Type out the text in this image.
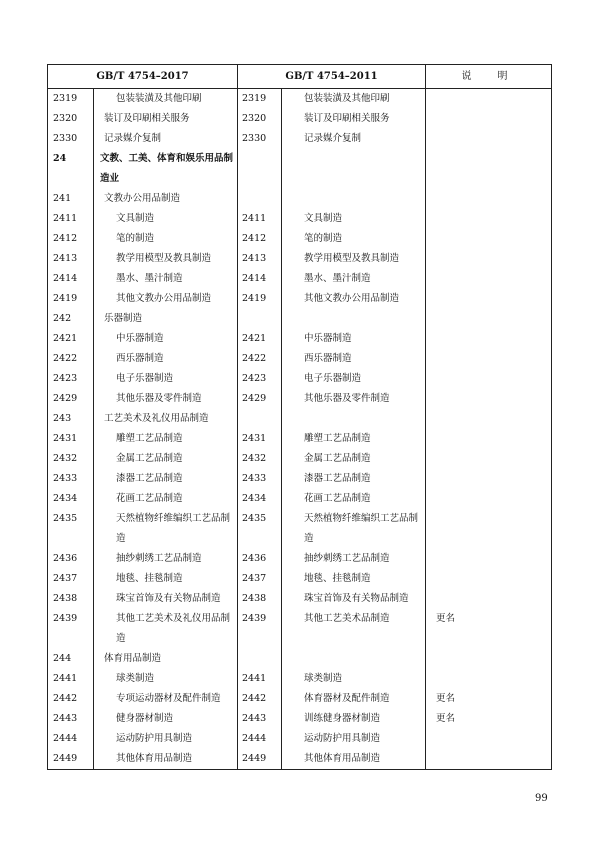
GB/T 4754–2017		GB/T 4754–2011		说　明
2319	包装装潢及其他印刷	2319	包装装潢及其他印刷	
2320	装订及印刷相关服务	2320	装订及印刷相关服务	
2330	记录媒介复制	2330	记录媒介复制	
24	文教、工美、体育和娱乐用品制造业			
241	文教办公用品制造			
2411	文具制造	2411	文具制造	
2412	笔的制造	2412	笔的制造	
2413	教学用模型及教具制造	2413	教学用模型及教具制造	
2414	墨水、墨汁制造	2414	墨水、墨汁制造	
2419	其他文教办公用品制造	2419	其他文教办公用品制造	
242	乐器制造			
2421	中乐器制造	2421	中乐器制造	
2422	西乐器制造	2422	西乐器制造	
2423	电子乐器制造	2423	电子乐器制造	
2429	其他乐器及零件制造	2429	其他乐器及零件制造	
243	工艺美术及礼仪用品制造			
2431	雕塑工艺品制造	2431	雕塑工艺品制造	
2432	金属工艺品制造	2432	金属工艺品制造	
2433	漆器工艺品制造	2433	漆器工艺品制造	
2434	花画工艺品制造	2434	花画工艺品制造	
2435	天然植物纤维编织工艺品制造	2435	天然植物纤维编织工艺品制造	
2436	抽纱刺绣工艺品制造	2436	抽纱刺绣工艺品制造	
2437	地毯、挂毯制造	2437	地毯、挂毯制造	
2438	珠宝首饰及有关物品制造	2438	珠宝首饰及有关物品制造	
2439	其他工艺美术及礼仪用品制造	2439	其他工艺美术品制造	更名
244	体育用品制造			
2441	球类制造	2441	球类制造	
2442	专项运动器材及配件制造	2442	体育器材及配件制造	更名
2443	健身器材制造	2443	训练健身器材制造	更名
2444	运动防护用具制造	2444	运动防护用具制造	
2449	其他体育用品制造	2449	其他体育用品制造	
99
